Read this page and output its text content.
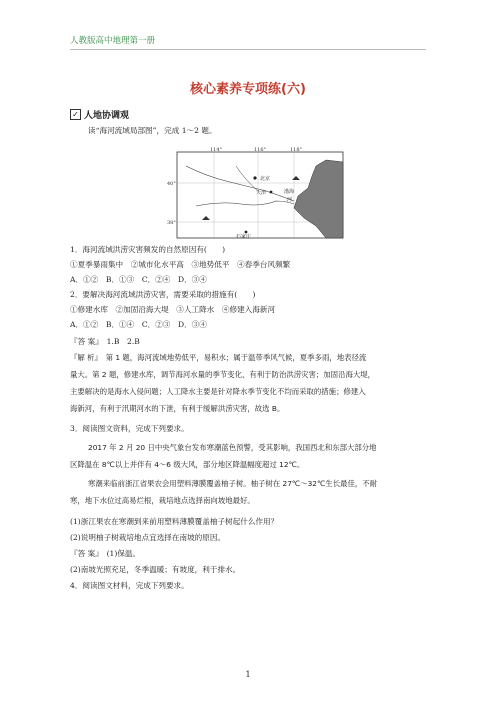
人教版高中地理第一册
核心素养专项练(六)
✓ 人地协调观
读“海河流域局部图”，完成 1～2 题。
114°	116°	118°
40°
38°
北京
天津	渤海
河
石家庄
1．海河流域洪涝灾害频发的自然原因有(　　)
①夏季暴雨集中　②城市化水平高　③地势低平　④春季台风频繁
A．①②　B．①③　C．②④　D．③④
2．要解决海河流域洪涝灾害，需要采取的措施有(　　)
①修建水库　②加固沿海大堤　③人工降水　④修建入海新河
A．①②　B．①④　C．②③　D．③④
『答 案』　1.B　2.B
『解 析』　第 1 题，海河流域地势低平，易积水；属于温带季风气候，夏季多雨，地表径流
量大。第 2 题，修建水库，调节海河水量的季节变化，有利于防治洪涝灾害；加固沿海大堤，
主要解决的是海水入侵问题；人工降水主要是针对降水季节变化不均而采取的措施；修建入
海新河，有利于汛期河水的下泄，有利于缓解洪涝灾害，故选 B。
3．阅读图文资料，完成下列要求。
2017 年 2 月 20 日中央气象台发布寒潮蓝色预警，受其影响，我国西北和东部大部分地
区降温在 8℃以上并伴有 4～6 级大风，部分地区降温幅度超过 12℃。
寒潮来临前浙江省果农会用塑料薄膜覆盖柚子树。柚子树在 27℃～32℃生长最佳，不耐
寒，地下水位过高易烂根，栽培地点选择南向坡地最好。
(1)浙江果农在寒潮到来前用塑料薄膜覆盖柚子树起什么作用？
(2)说明柚子树栽培地点宜选择在南坡的原因。
『答 案』　(1)保温。
(2)南坡光照充足，冬季温暖；有坡度，利于排水。
4．阅读图文材料，完成下列要求。
1
